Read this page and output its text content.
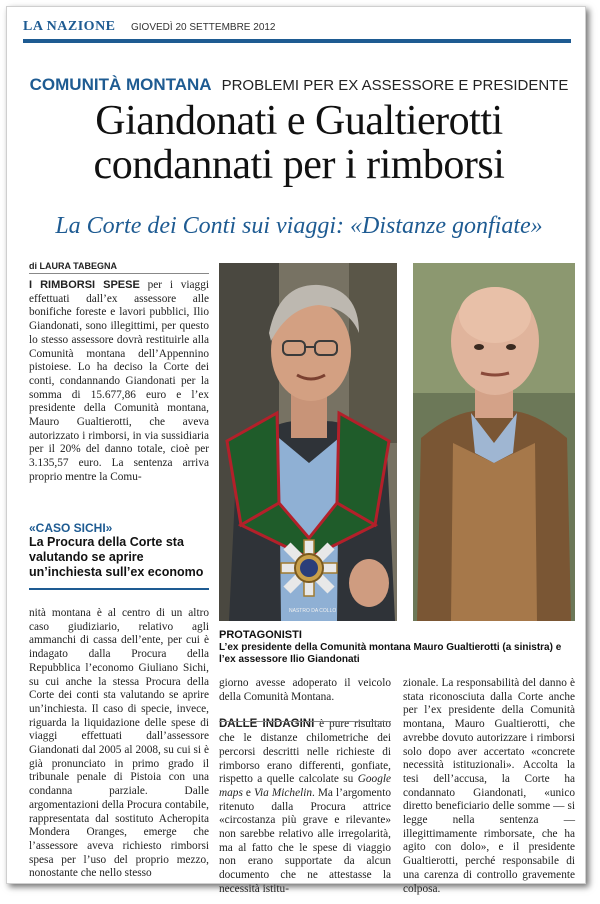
LA NAZIONE GIOVEDÌ 20 SETTEMBRE 2012
COMUNITÀ MONTANA PROBLEMI PER EX ASSESSORE E PRESIDENTE
Giandonati e Gualtierotti
condannati per i rimborsi
La Corte dei Conti sui viaggi: «Distanze gonfiate»
di LAURA TABEGNA

I RIMBORSI SPESE per i viaggi effettuati dall’ex assessore alle bonifiche foreste e lavori pubblici, Ilio Giandonati, sono illegittimi, per questo lo stesso assessore dovrà restituirle alla Comunità montana dell’Appennino pistoiese. Lo ha deciso la Corte dei conti, condannando Giandonati per la somma di 15.677,86 euro e l’ex presidente della Comunità montana, Mauro Gualtierotti, che aveva autorizzato i rimborsi, in via sussidiaria per il 20% del danno totale, cioè per 3.135,57 euro. La sentenza arriva proprio mentre la Comu-

«CASO SICHI»
La Procura della Corte sta valutando se aprire un’inchiesta sull’ex economo

nità montana è al centro di un altro caso giudiziario, relativo agli ammanchi di cassa dell’ente, per cui è indagato dalla Procura della Repubblica l’economo Giuliano Sichi, su cui anche la stessa Procura della Corte dei conti sta valutando se aprire un’inchiesta. Il caso di specie, invece, riguarda la liquidazione delle spese di viaggi effettuati dall’assessore Giandonati dal 2005 al 2008, su cui si è già pronunciato in primo grado il tribunale penale di Pistoia con una condanna parziale. Dalle argomentazioni della Procura contabile, rappresentata dal sostituto Acheropita Mondera Oranges, emerge che l’assessore aveva richiesto rimborsi spesa per l’uso del proprio mezzo, nonostante che nello stesso

NASTRO DA COLLO
PROTAGONISTI
L’ex presidente della Comunità montana Mauro Gualtierotti (a sinistra) e l’ex assessore Ilio Giandonati

giorno avesse adoperato il veicolo della Comunità Montana.

DALLE INDAGINI è pure risultato che le distanze chilometriche dei percorsi descritti nelle richieste di rimborso erano differenti, gonfiate, rispetto a quelle calcolate su Google maps e Via Michelin. Ma l’argomento ritenuto dalla Procura attrice «circostanza più grave e rilevante» non sarebbe relativo alle irregolarità, ma al fatto che le spese di viaggio non erano supportate da alcun documento che ne attestasse la necessità istitu-

zionale. La responsabilità del danno è stata riconosciuta dalla Corte anche per l’ex presidente della Comunità montana, Mauro Gualtierotti, che avrebbe dovuto autorizzare i rimborsi solo dopo aver accertato «concrete necessità istituzionali». Accolta la tesi dell’accusa, la Corte ha condannato Giandonati, «unico diretto beneficiario delle somme — si legge nella sentenza — illegittimamente rimborsate, che ha agito con dolo», e il presidente Gualtierotti, perché responsabile di una carenza di controllo gravemente colposa.
